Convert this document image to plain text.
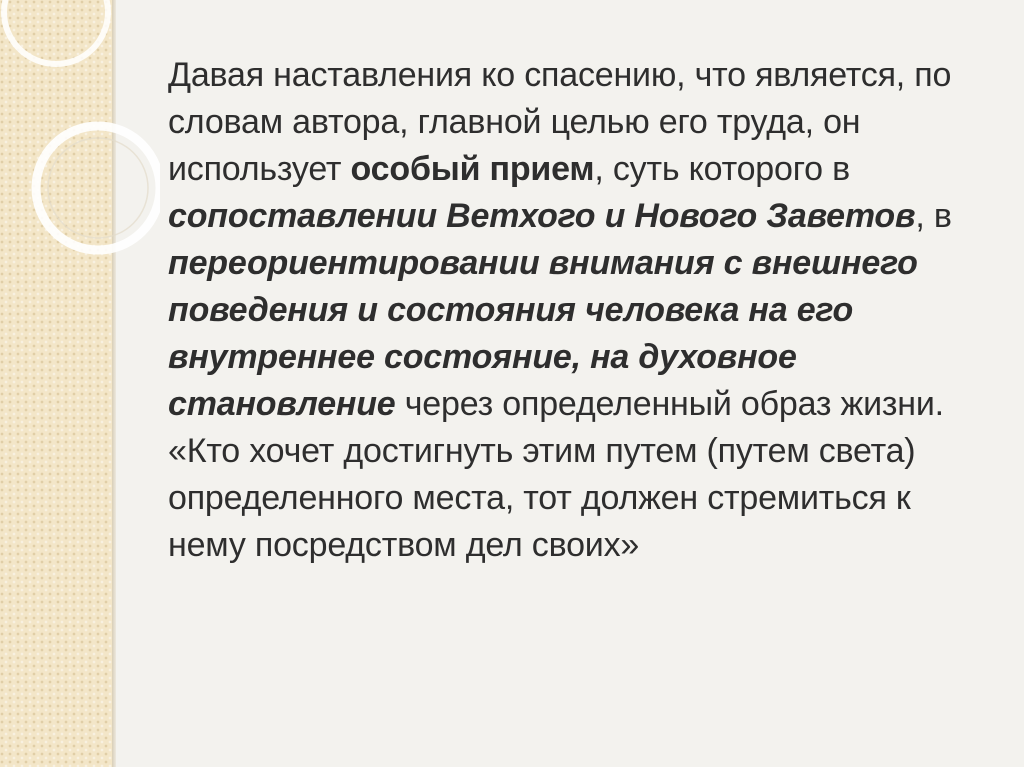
Давая наставления ко спасению, что является, по словам автора, главной целью его труда, он использует особый прием, суть которого в сопоставлении Ветхого и Нового Заветов, в переориентировании внимания с внешнего поведения и состояния человека на его внутреннее состояние, на духовное становление через определенный образ жизни. «Кто хочет достигнуть этим путем (путем света) определенного места, тот должен стремиться к нему посредством дел своих»
